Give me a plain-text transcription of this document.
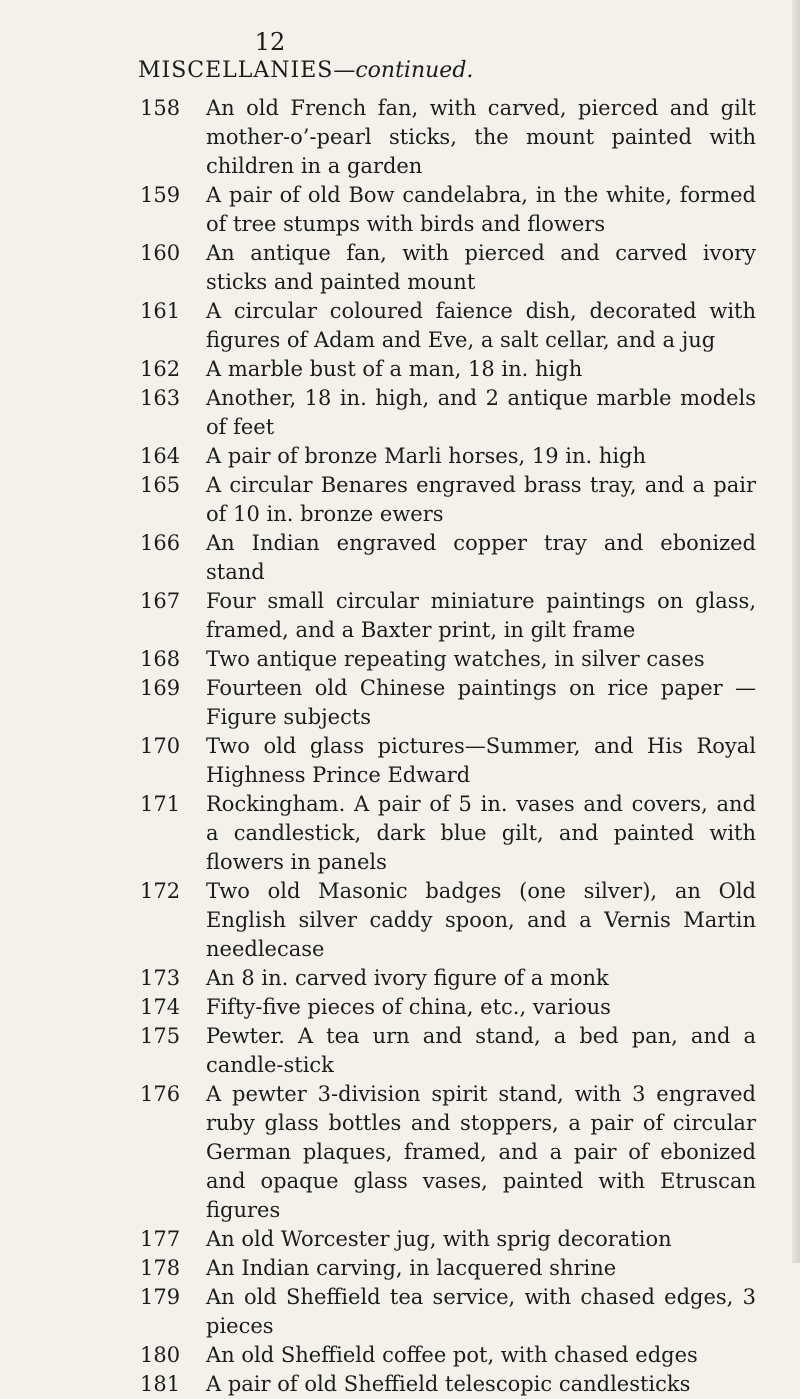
12
MISCELLANIES—continued.
158	An old French fan, with carved, pierced and gilt mother-o’-pearl sticks, the mount painted with children in a garden
159	A pair of old Bow candelabra, in the white, formed of tree stumps with birds and flowers
160	An antique fan, with pierced and carved ivory sticks and painted mount
161	A circular coloured faience dish, decorated with figures of Adam and Eve, a salt cellar, and a jug
162	A marble bust of a man, 18 in. high
163	Another, 18 in. high, and 2 antique marble models of feet
164	A pair of bronze Marli horses, 19 in. high
165	A circular Benares engraved brass tray, and a pair of 10 in. bronze ewers
166	An Indian engraved copper tray and ebonized stand
167	Four small circular miniature paintings on glass, framed, and a Baxter print, in gilt frame
168	Two antique repeating watches, in silver cases
169	Fourteen old Chinese paintings on rice paper — Figure subjects
170	Two old glass pictures—Summer, and His Royal Highness Prince Edward
171	Rockingham. A pair of 5 in. vases and covers, and a candlestick, dark blue gilt, and painted with flowers in panels
172	Two old Masonic badges (one silver), an Old English silver caddy spoon, and a Vernis Martin needlecase
173	An 8 in. carved ivory figure of a monk
174	Fifty-five pieces of china, etc., various
175	Pewter. A tea urn and stand, a bed pan, and a candle-stick
176	A pewter 3-division spirit stand, with 3 engraved ruby glass bottles and stoppers, a pair of circular German plaques, framed, and a pair of ebonized and opaque glass vases, painted with Etruscan figures
177	An old Worcester jug, with sprig decoration
178	An Indian carving, in lacquered shrine
179	An old Sheffield tea service, with chased edges, 3 pieces
180	An old Sheffield coffee pot, with chased edges
181	A pair of old Sheffield telescopic candlesticks
